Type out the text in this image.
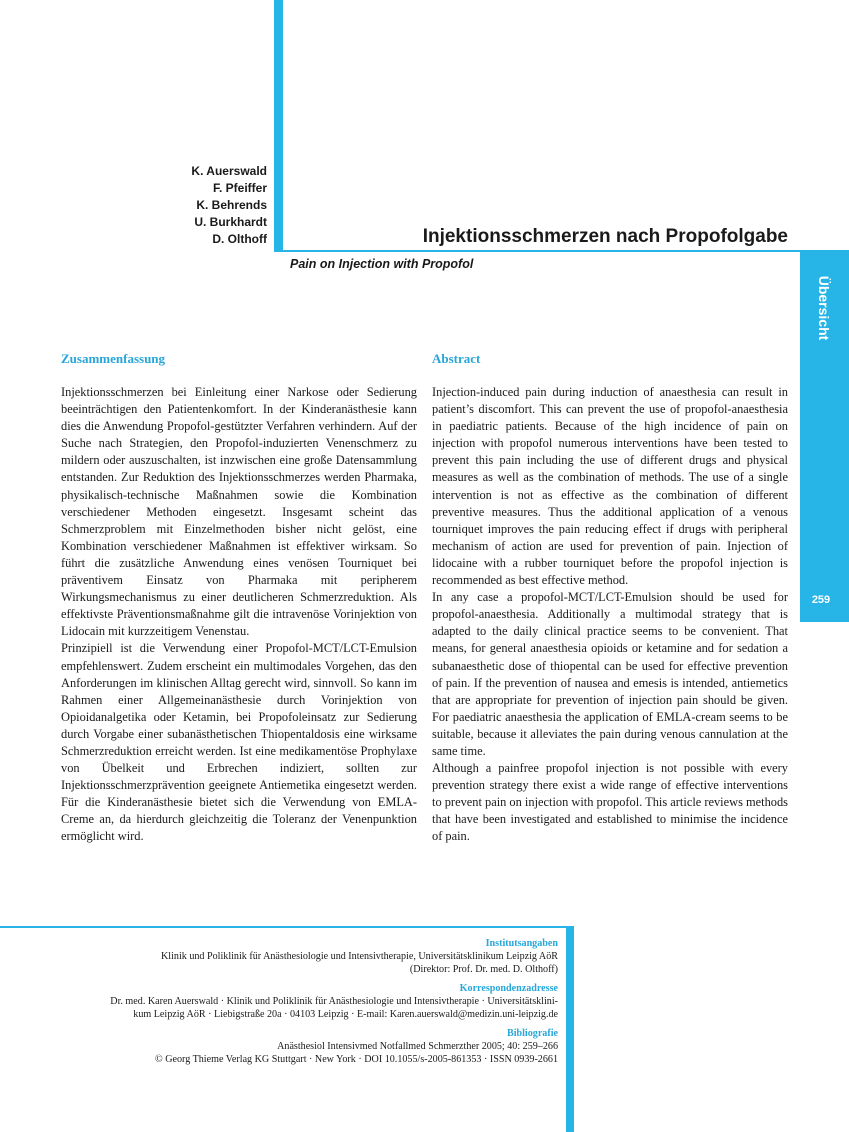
Übersicht
259
K. Auerswald
F. Pfeiffer
K. Behrends
U. Burkhardt
D. Olthoff	Injektionsschmerzen nach Propofolgabe
Pain on Injection with Propofol
Zusammenfassung	Abstract

Injektionsschmerzen bei Einleitung einer Narkose oder Sedierung beeinträchtigen den Patientenkomfort. In der Kinderanästhesie kann dies die Anwendung Propofol-gestützter Verfahren verhindern. Auf der Suche nach Strategien, den Propofol-induzierten Venenschmerz zu mildern oder auszuschalten, ist inzwischen eine große Datensammlung entstanden. Zur Reduktion des Injektionsschmerzes werden Pharmaka, physikalisch-technische Maßnahmen sowie die Kombination verschiedener Methoden eingesetzt. Insgesamt scheint das Schmerzproblem mit Einzelmethoden bisher nicht gelöst, eine Kombination verschiedener Maßnahmen ist effektiver wirksam. So führt die zusätzliche Anwendung eines venösen Tourniquet bei präventivem Einsatz von Pharmaka mit peripherem Wirkungsmechanismus zu einer deutlicheren Schmerzreduktion. Als effektivste Präventionsmaßnahme gilt die intravenöse Vorinjektion von Lidocain mit kurzzeitigem Venenstau.

Prinzipiell ist die Verwendung einer Propofol-MCT/LCT-Emulsion empfehlenswert. Zudem erscheint ein multimodales Vorgehen, das den Anforderungen im klinischen Alltag gerecht wird, sinnvoll. So kann im Rahmen einer Allgemeinanästhesie durch Vorinjektion von Opioidanalgetika oder Ketamin, bei Propofoleinsatz zur Sedierung durch Vorgabe einer subanästhetischen Thiopentaldosis eine wirksame Schmerzreduktion erreicht werden. Ist eine medikamentöse Prophylaxe von Übelkeit und Erbrechen indiziert, sollten zur Injektionsschmerzprävention geeignete Antiemetika eingesetzt werden. Für die Kinderanästhesie bietet sich die Verwendung von EMLA-Creme an, da hierdurch gleichzeitig die Toleranz der Venenpunktion ermöglicht wird.

Injection-induced pain during induction of anaesthesia can result in patient’s discomfort. This can prevent the use of propofol-anaesthesia in paediatric patients. Because of the high incidence of pain on injection with propofol numerous interventions have been tested to prevent this pain including the use of different drugs and physical measures as well as the combination of methods. The use of a single intervention is not as effective as the combination of different preventive measures. Thus the additional application of a venous tourniquet improves the pain reducing effect if drugs with peripheral mechanism of action are used for prevention of pain. Injection of lidocaine with a rubber tourniquet before the propofol injection is recommended as best effective method.

In any case a propofol-MCT/LCT-Emulsion should be used for propofol-anaesthesia. Additionally a multimodal strategy that is adapted to the daily clinical practice seems to be convenient. That means, for general anaesthesia opioids or ketamine and for sedation a subanaesthetic dose of thiopental can be used for effective prevention of pain. If the prevention of nausea and emesis is intended, antiemetics that are appropriate for prevention of injection pain should be given. For paediatric anaesthesia the application of EMLA-cream seems to be suitable, because it alleviates the pain during venous cannulation at the same time.

Although a painfree propofol injection is not possible with every prevention strategy there exist a wide range of effective interventions to prevent pain on injection with propofol. This article reviews methods that have been investigated and established to minimise the incidence of pain.

Institutsangaben
Klinik und Poliklinik für Anästhesiologie und Intensivtherapie, Universitätsklinikum Leipzig AöR
(Direktor: Prof. Dr. med. D. Olthoff)
Korrespondenzadresse
Dr. med. Karen Auerswald · Klinik und Poliklinik für Anästhesiologie und Intensivtherapie · Universitätsklini-
kum Leipzig AöR · Liebigstraße 20a · 04103 Leipzig · E-mail: Karen.auerswald@medizin.uni-leipzig.de
Bibliografie
Anästhesiol Intensivmed Notfallmed Schmerzther 2005; 40: 259–266
© Georg Thieme Verlag KG Stuttgart · New York · DOI 10.1055/s-2005-861353 · ISSN 0939-2661
